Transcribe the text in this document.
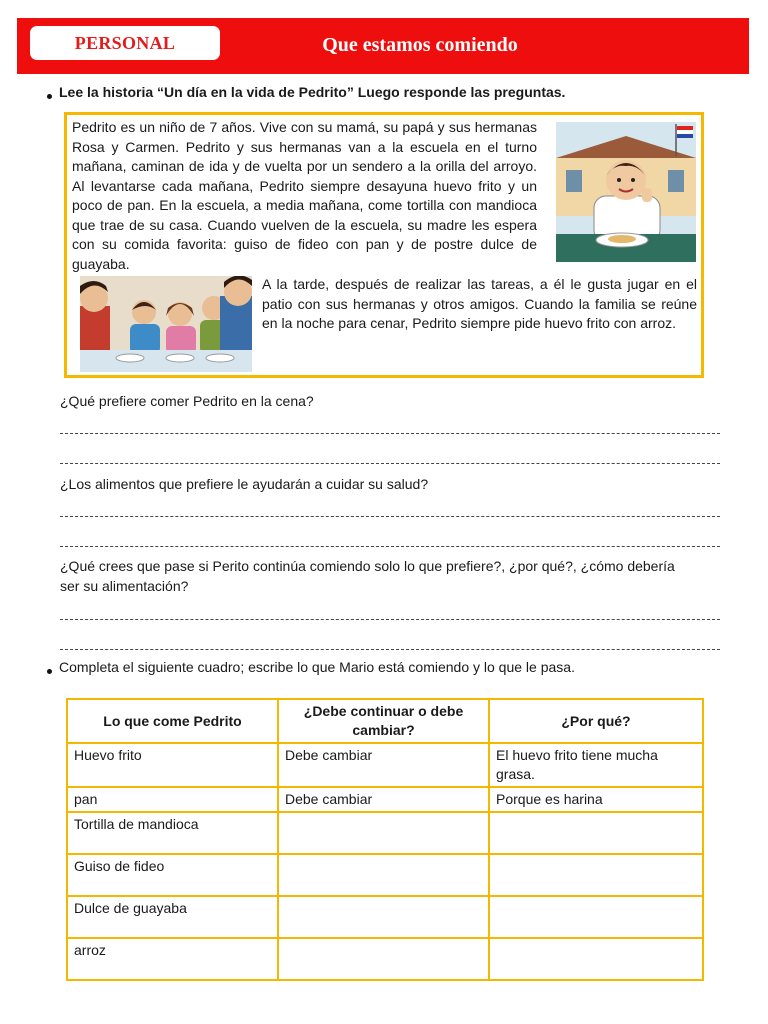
PERSONAL	Que estamos comiendo
Lee la historia “Un día en la vida de Pedrito” Luego responde las preguntas.

Pedrito es un niño de 7 años. Vive con su mamá, su papá y sus hermanas Rosa y Carmen. Pedrito y sus hermanas van a la escuela en el turno mañana, caminan de ida y de vuelta por un sendero a la orilla del arroyo. Al levantarse cada mañana, Pedrito siempre desayuna huevo frito y un poco de pan. En la escuela, a media mañana, come tortilla con mandioca que trae de su casa. Cuando vuelven de la escuela, su madre les espera con su comida favorita: guiso de fideo con pan y de postre dulce de guayaba.

A la tarde, después de realizar las tareas, a él le gusta jugar en el patio con sus hermanas y otros amigos. Cuando la familia se reúne en la noche para cenar, Pedrito siempre pide huevo frito con arroz.

¿Qué prefiere comer Pedrito en la cena?
¿Los alimentos que prefiere le ayudarán a cuidar su salud?
¿Qué crees que pase si Perito continúa comiendo solo lo que prefiere?, ¿por qué?, ¿cómo debería ser su alimentación?
Completa el siguiente cuadro; escribe lo que Mario está comiendo y lo que le pasa.
Lo que come Pedrito	¿Debe continuar o debe cambiar?	¿Por qué?
Huevo frito	Debe cambiar	El huevo frito tiene mucha grasa.
pan	Debe cambiar	Porque es harina
Tortilla de mandioca		
Guiso de fideo		
Dulce de guayaba		
arroz		
